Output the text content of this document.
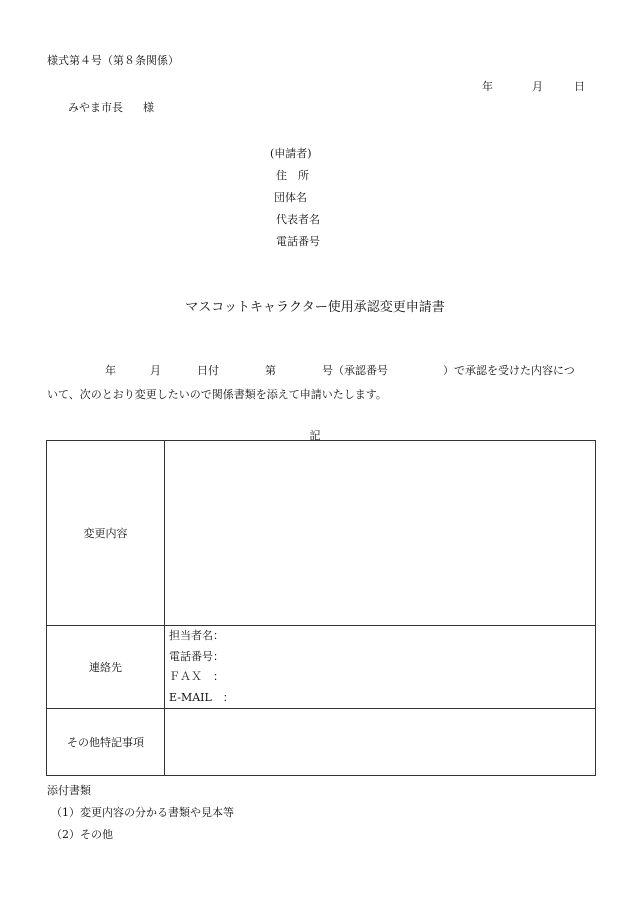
様式第４号（第８条関係）
年	月	日
みやま市長 様
(申請者)
住　所
団体名
代表者名
電話番号
マスコットキャラクター使用承認変更申請書
年	月	日付	第	号（承認番号	）で承認を受けた内容につ
いて、次のとおり変更したいので関係書類を添えて申請いたします。
記
変更内容	
連絡先	担当者名：
電話番号：
ＦＡＸ　：
E-MAIL　：

その他特記事項	
添付書類
（1）変更内容の分かる書類や見本等
（2）その他
